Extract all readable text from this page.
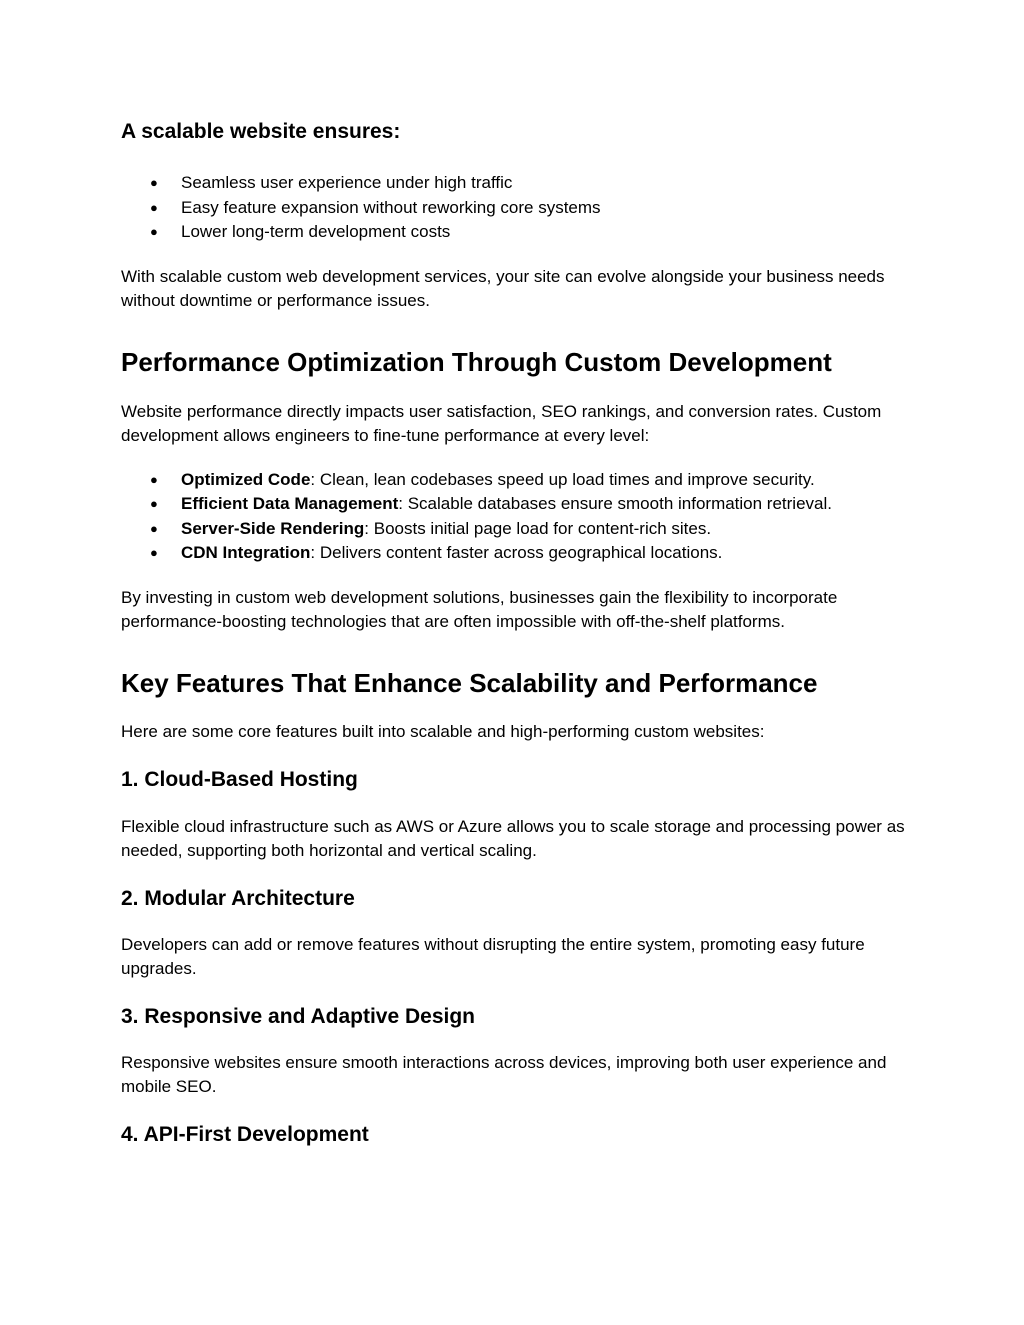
A scalable website ensures:
● Seamless user experience under high traffic
● Easy feature expansion without reworking core systems
● Lower long-term development costs

With scalable custom web development services, your site can evolve alongside your business needs without downtime or performance issues.

Performance Optimization Through Custom Development

Website performance directly impacts user satisfaction, SEO rankings, and conversion rates. Custom development allows engineers to fine-tune performance at every level:

● Optimized Code: Clean, lean codebases speed up load times and improve security.
● Efficient Data Management: Scalable databases ensure smooth information retrieval.
● Server-Side Rendering: Boosts initial page load for content-rich sites.
● CDN Integration: Delivers content faster across geographical locations.

By investing in custom web development solutions, businesses gain the flexibility to incorporate performance-boosting technologies that are often impossible with off-the-shelf platforms.

Key Features That Enhance Scalability and Performance

Here are some core features built into scalable and high-performing custom websites:

1. Cloud-Based Hosting

Flexible cloud infrastructure such as AWS or Azure allows you to scale storage and processing power as needed, supporting both horizontal and vertical scaling.

2. Modular Architecture

Developers can add or remove features without disrupting the entire system, promoting easy future upgrades.

3. Responsive and Adaptive Design

Responsive websites ensure smooth interactions across devices, improving both user experience and mobile SEO.

4. API-First Development
